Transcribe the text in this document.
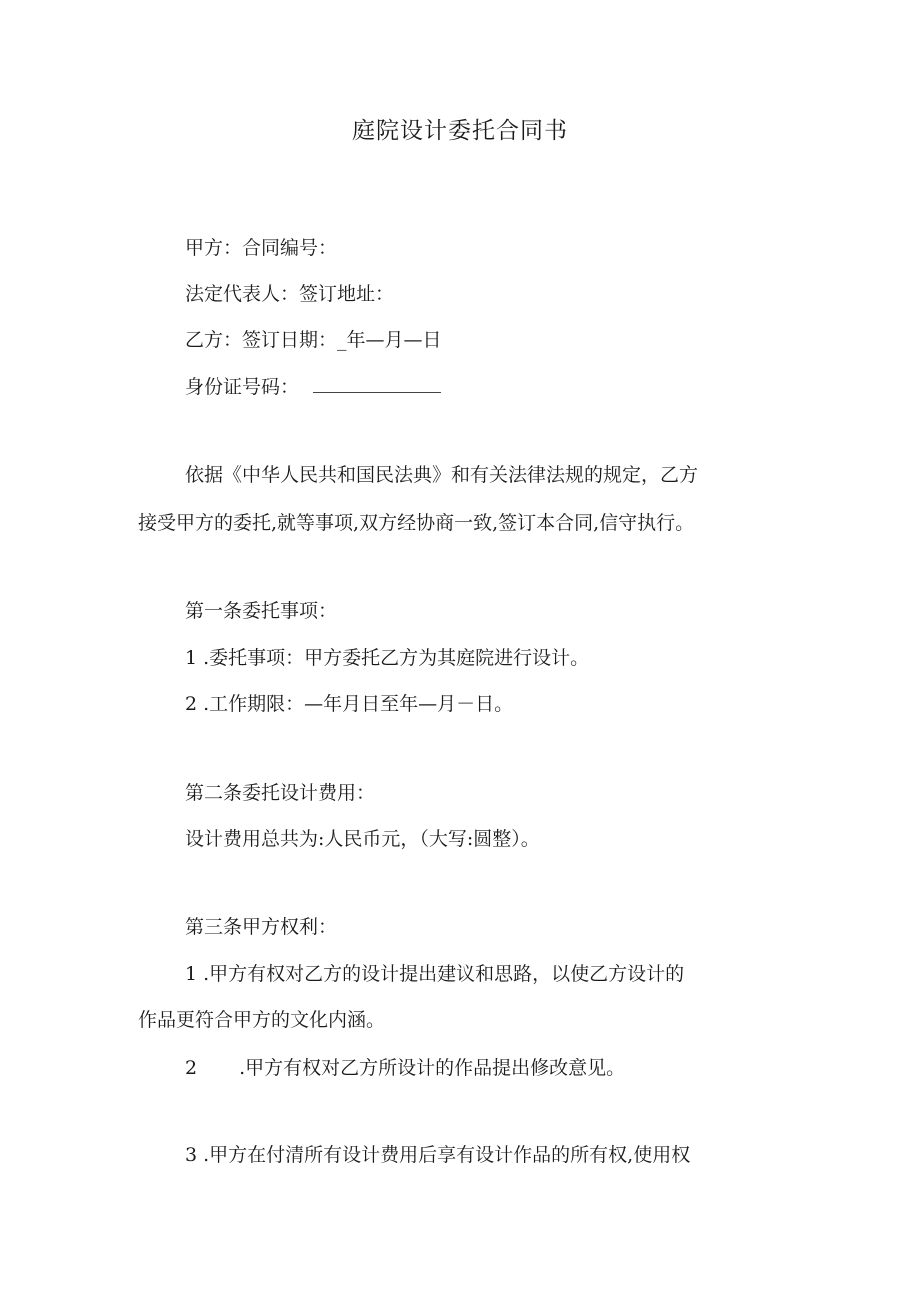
庭院设计委托合同书
甲方：合同编号：
法定代表人：签订地址：
乙方：签订日期：_年—月—日
身份证号码：
依据《中华人民共和国民法典》和有关法律法规的规定，乙方
接受甲方的委托,就等事项,双方经协商一致,签订本合同,信守执行。
第一条委托事项：
1 .委托事项：甲方委托乙方为其庭院进行设计。
2 .工作期限：—年月日至年—月－日。
第二条委托设计费用：
设计费用总共为:人民币元，（大写:圆整）。
第三条甲方权利：
1 .甲方有权对乙方的设计提出建议和思路，以使乙方设计的
作品更符合甲方的文化内涵。
2 .甲方有权对乙方所设计的作品提出修改意见。
3 .甲方在付清所有设计费用后享有设计作品的所有权,使用权
